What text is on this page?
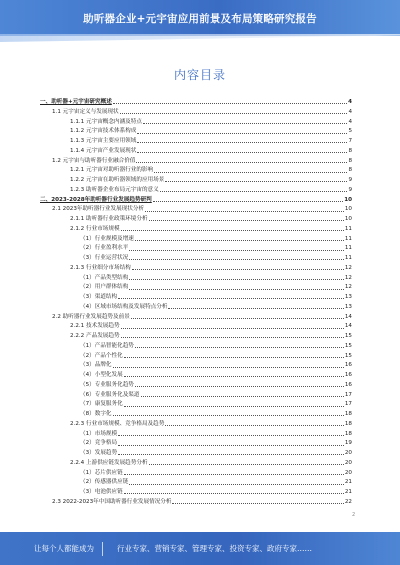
助听器企业+元宇宙应用前景及布局策略研究报告
内容目录
一、助听器+元宇宙研究概述	4
1.1 元宇宙定义与发展现状	4
1.1.1 元宇宙概念内涵及特点	4
1.1.2 元宇宙技术体系构成	5
1.1.3 元宇宙主要应用领域	7
1.1.4 元宇宙产业发展现状	8
1.2 元宇宙与助听器行业融合价值	8
1.2.1 元宇宙对助听器行业的影响	8
1.2.2 元宇宙在助听器领域的应用场景	9
1.2.3 助听器企业布局元宇宙的意义	9
二、2023-2028年助听器行业发展趋势研判	10
2.1 2023年助听器行业发展现状分析	10
2.1.1 助听器行业政策环境分析	10
2.1.2 行业市场规模	11
（1）行业规模及增速	11
（2）行业盈利水平	11
（3）行业运营状况	11
2.1.3 行业细分市场结构	12
（1）产品类型结构	12
（2）用户群体结构	12
（3）渠道结构	13
（4）区域市场结构及发展特点分析	13
2.2 助听器行业发展趋势及前景	14
2.2.1 技术发展趋势	14
2.2.2 产品发展趋势	15
（1）产品智能化趋势	15
（2）产品个性化	15
（3）品牌化	16
（4）小型化发展	16
（5）专业服务化趋势	16
（6）专业服务化及渠道	17
（7）康复服务化	17
（8）数字化	18
2.2.3 行业市场规模、竞争格局及趋势	18
（1）市场规模	18
（2）竞争格局	19
（3）发展趋势	20
2.2.4 上游供应链发展趋势分析	20
（1）芯片供应链	20
（2）传感器供应链	21
（3）电池供应链	21
2.3 2022-2023年中国助听器行业发展情况分析	22
2
让每个人都能成为	行业专家、营销专家、管理专家、投资专家、政府专家……
